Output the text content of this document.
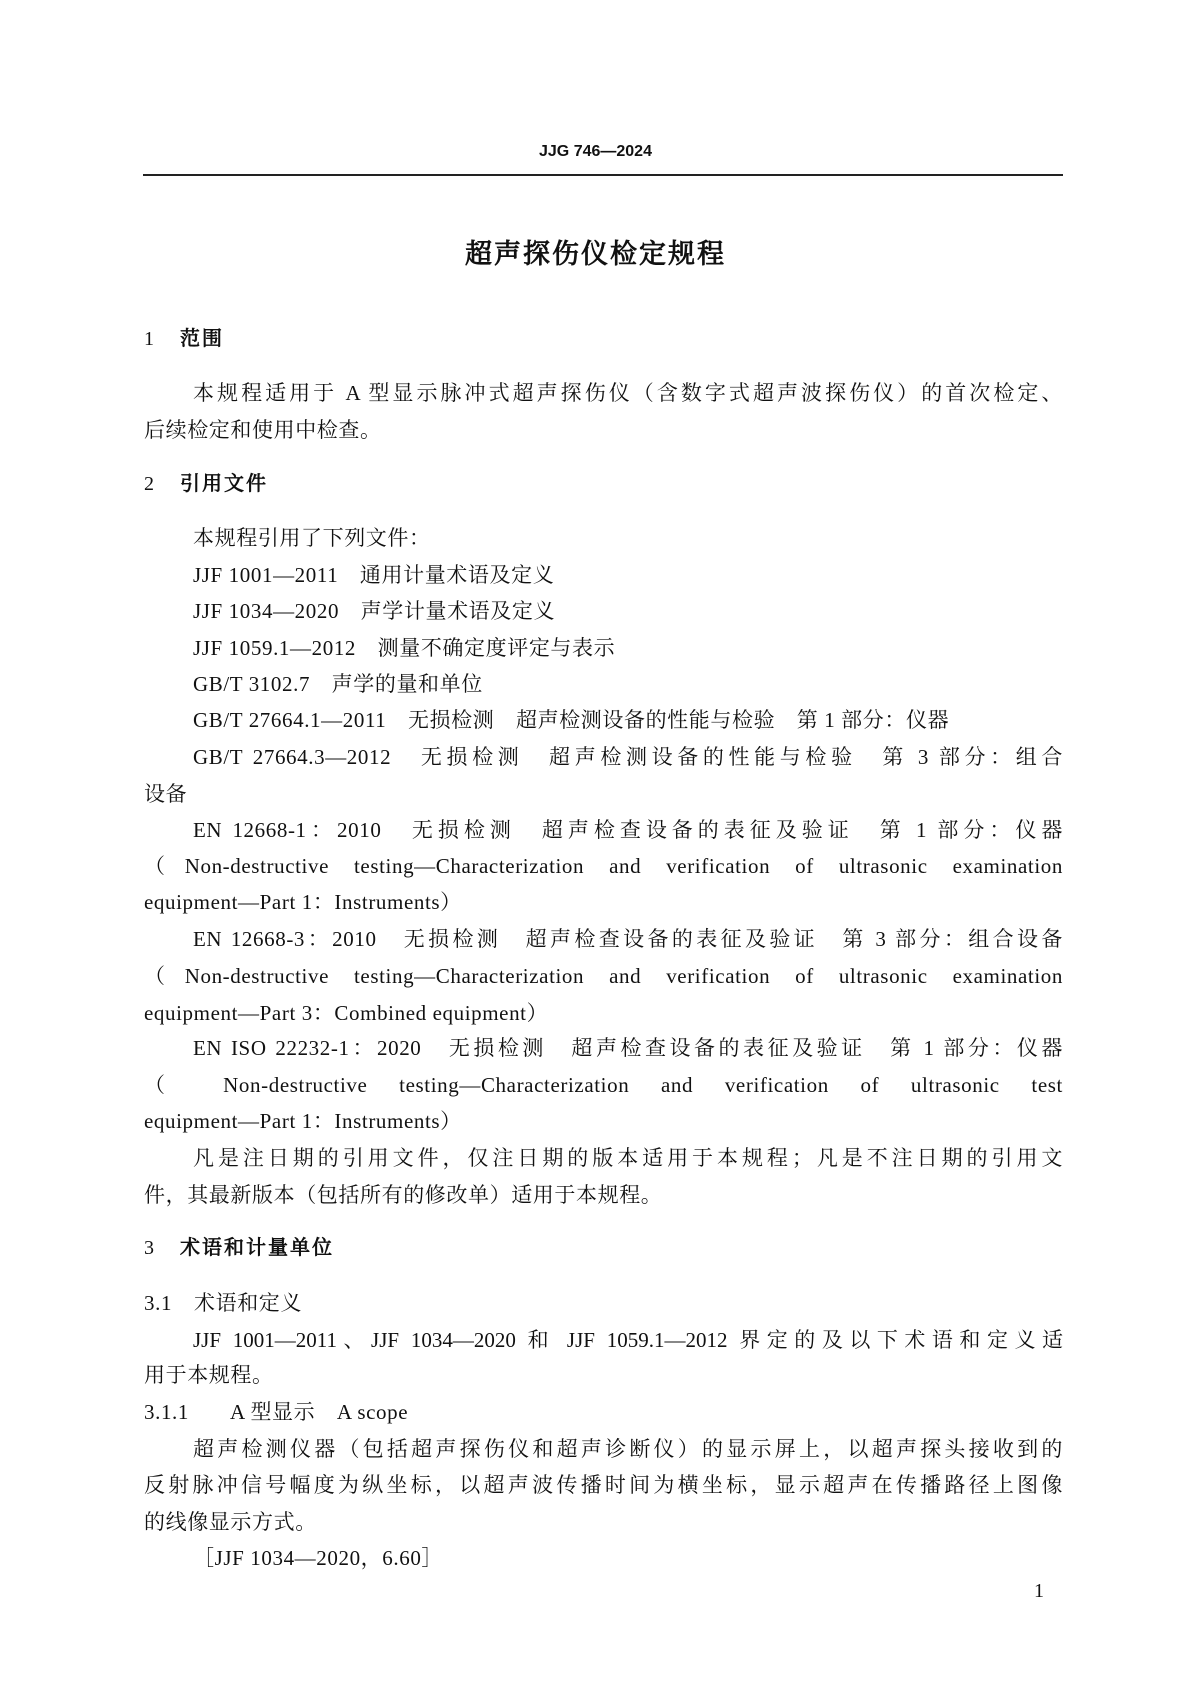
JJG 746—2024
超声探伤仪检定规程
1 范围
本规程适用于 A 型显示脉冲式超声探伤仪（含数字式超声波探伤仪）的首次检定、
后续检定和使用中检查。
2 引用文件
本规程引用了下列文件：
JJF 1001—2011　通用计量术语及定义
JJF 1034—2020　声学计量术语及定义
JJF 1059.1—2012　测量不确定度评定与表示
GB/T 3102.7　声学的量和单位
GB/T 27664.1—2011　无损检测　超声检测设备的性能与检验　第 1 部分：仪器
GB/T 27664.3—2012　无损检测　超声检测设备的性能与检验　第 3 部分：组合
设备
EN 12668-1：2010　无损检测　超声检查设备的表征及验证　第 1 部分：仪器
（Non-destructive testing—Characterization and verification of ultrasonic examination
equipment—Part 1：Instruments）
EN 12668-3：2010　无损检测　超声检查设备的表征及验证　第 3 部分：组合设备
（Non-destructive testing—Characterization and verification of ultrasonic examination
equipment—Part 3：Combined equipment）
EN ISO 22232-1：2020　无损检测　超声检查设备的表征及验证　第 1 部分：仪器
（ Non-destructive testing—Characterization and verification of ultrasonic test
equipment—Part 1：Instruments）
凡是注日期的引用文件，仅注日期的版本适用于本规程；凡是不注日期的引用文
件，其最新版本（包括所有的修改单）适用于本规程。
3 术语和计量单位
3.1 术语和定义
JJF 1001—2011、JJF 1034—2020 和 JJF 1059.1—2012 界定的及以下术语和定义适
用于本规程。
3.1.1 A 型显示　A scope
超声检测仪器（包括超声探伤仪和超声诊断仪）的显示屏上，以超声探头接收到的
反射脉冲信号幅度为纵坐标，以超声波传播时间为横坐标，显示超声在传播路径上图像
的线像显示方式。
［JJF 1034—2020，6.60］
1
